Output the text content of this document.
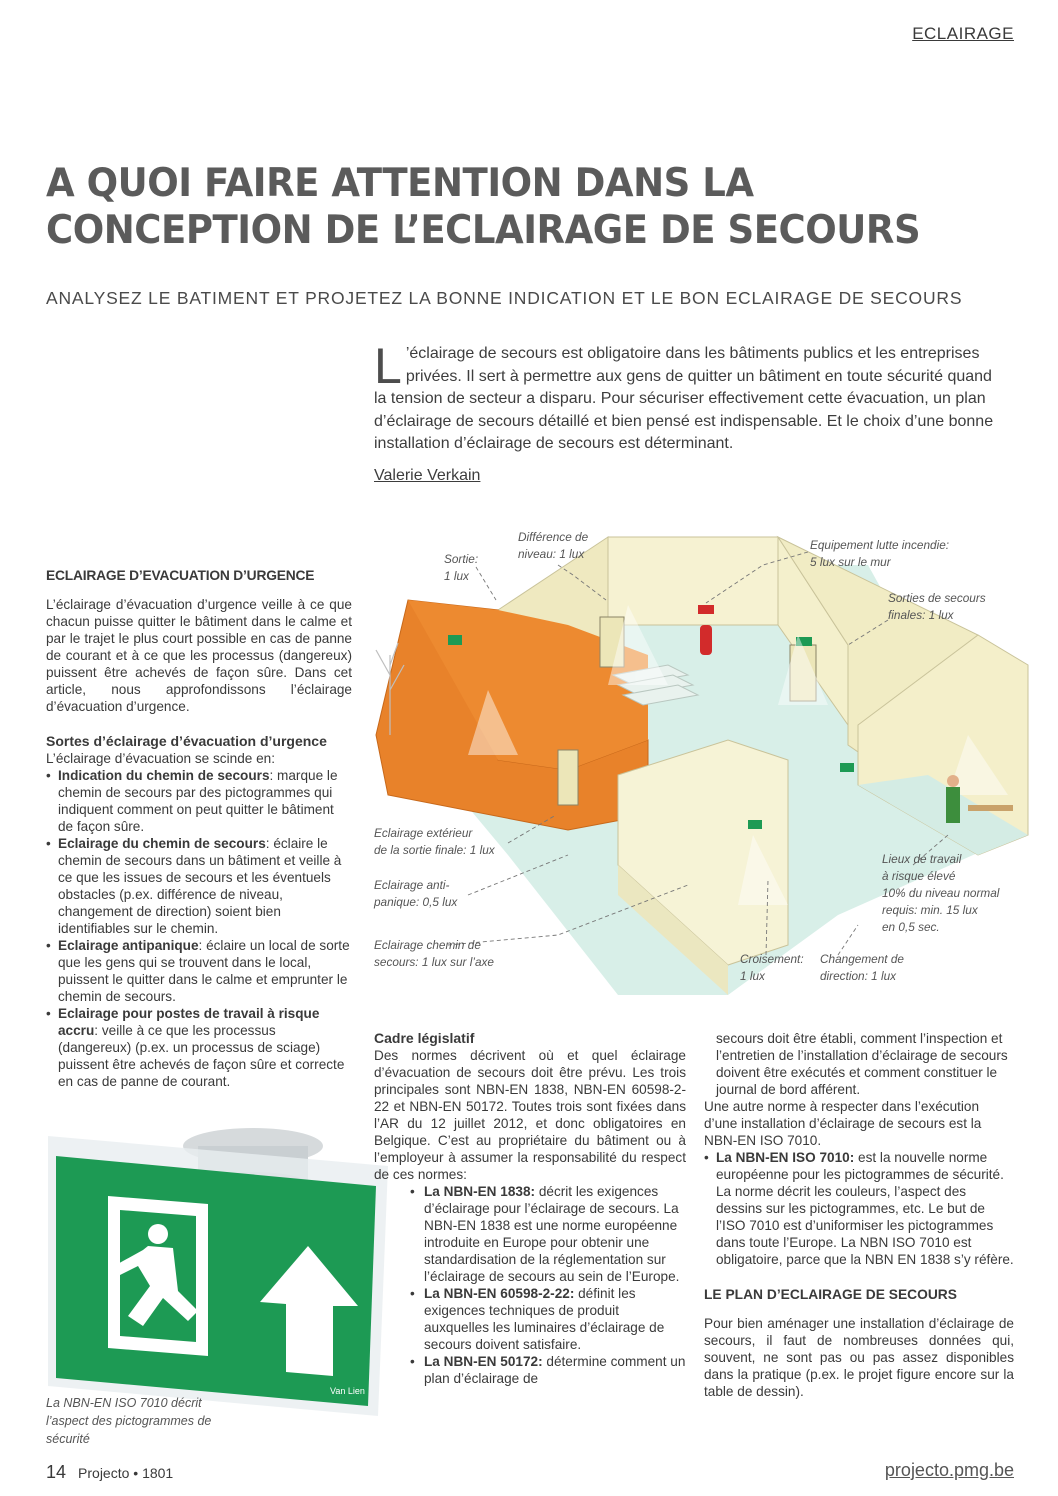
ECLAIRAGE
A QUOI FAIRE ATTENTION DANS LA
CONCEPTION DE L’ECLAIRAGE DE SECOURS
ANALYSEZ LE BATIMENT ET PROJETEZ LA BONNE INDICATION ET LE BON ECLAIRAGE DE SECOURS
L ’éclairage de secours est obligatoire dans les bâtiments publics et les entreprises privées. Il sert à permettre aux gens de quitter un bâtiment en toute sécurité quand la tension de secteur a disparu. Pour sécuriser effectivement cette évacuation, un plan d’éclairage de secours détaillé et bien pensé est indispensable. Et le choix d’une bonne installation d’éclairage de secours est déterminant.
Valerie Verkain
Sortie:
1 lux
Différence de
niveau: 1 lux
Equipement lutte incendie:
5 lux sur le mur
Sorties de secours
finales: 1 lux
Eclairage extérieur
de la sortie finale: 1 lux
Eclairage anti-
panique: 0,5 lux
Eclairage chemin de
secours: 1 lux sur l’axe	Croisement:
1 lux
Changement de
direction: 1 lux
Lieux de travail
à risque élevé
10% du niveau normal
requis: min. 15 lux
en 0,5 sec.
ECLAIRAGE D’EVACUATION D’URGENCE

L’éclairage d’évacuation d’urgence veille à ce que chacun puisse quitter le bâtiment dans le calme et par le trajet le plus court possible en cas de panne de courant et à ce que les processus (dangereux) puissent être achevés de façon sûre. Dans cet article, nous approfondissons l’éclairage d’évacuation d’urgence.

Sortes d’éclairage d’évacuation d’urgence

L’éclairage d’évacuation se scinde en:

• Indication du chemin de secours: marque le chemin de secours par des pictogrammes qui indiquent comment on peut quitter le bâtiment de façon sûre.
• Eclairage du chemin de secours: éclaire le chemin de secours dans un bâtiment et veille à ce que les issues de secours et les éventuels obstacles (p.ex. différence de niveau, changement de direction) soient bien identifiables sur le chemin.
• Eclairage antipanique: éclaire un local de sorte que les gens qui se trouvent dans le local, puissent le quitter dans le calme et emprunter le chemin de secours.
• Eclairage pour postes de travail à risque accru: veille à ce que les processus (dangereux) (p.ex. un processus de sciage) puissent être achevés de façon sûre et correcte en cas de panne de courant.
Van Lien
La NBN-EN ISO 7010 décrit l’aspect des pictogrammes de sécurité
Cadre législatif

Des normes décrivent où et quel éclairage d’évacuation de secours doit être prévu. Les trois principales sont NBN-EN 1838, NBN-EN 60598-2-22 et NBN-EN 50172. Toutes trois sont fixées dans l’AR du 12 juillet 2012, et donc obligatoires en Belgique. C’est au propriétaire du bâtiment ou à l’employeur à assumer la responsabilité du respect de ces normes:

• La NBN-EN 1838: décrit les exigences d’éclairage pour l’éclairage de secours. La NBN-EN 1838 est une norme européenne introduite en Europe pour obtenir une standardisation de la réglementation sur l’éclairage de secours au sein de l’Europe.
• La NBN-EN 60598-2-22: définit les exigences techniques de produit auxquelles les luminaires d’éclairage de secours doivent satisfaire.
• La NBN-EN 50172: détermine comment un plan d’éclairage de

secours doit être établi, comment l’inspection et l’entretien de l’installation d’éclairage de secours doivent être exécutés et comment constituer le journal de bord afférent.

Une autre norme à respecter dans l’exécution d’une installation d’éclairage de secours est la NBN-EN ISO 7010.

• La NBN-EN ISO 7010: est la nouvelle norme européenne pour les pictogrammes de sécurité. La norme décrit les couleurs, l’aspect des dessins sur les pictogrammes, etc. Le but de l’ISO 7010 est d’uniformiser les pictogrammes dans toute l’Europe. La NBN ISO 7010 est obligatoire, parce que la NBN EN 1838 s’y réfère.
LE PLAN D’ECLAIRAGE DE SECOURS

Pour bien aménager une installation d’éclairage de secours, il faut de nombreuses données qui, souvent, ne sont pas ou pas assez disponibles dans la pratique (p.ex. le projet figure encore sur la table de dessin).

14 Projecto • 1801	projecto.pmg.be
